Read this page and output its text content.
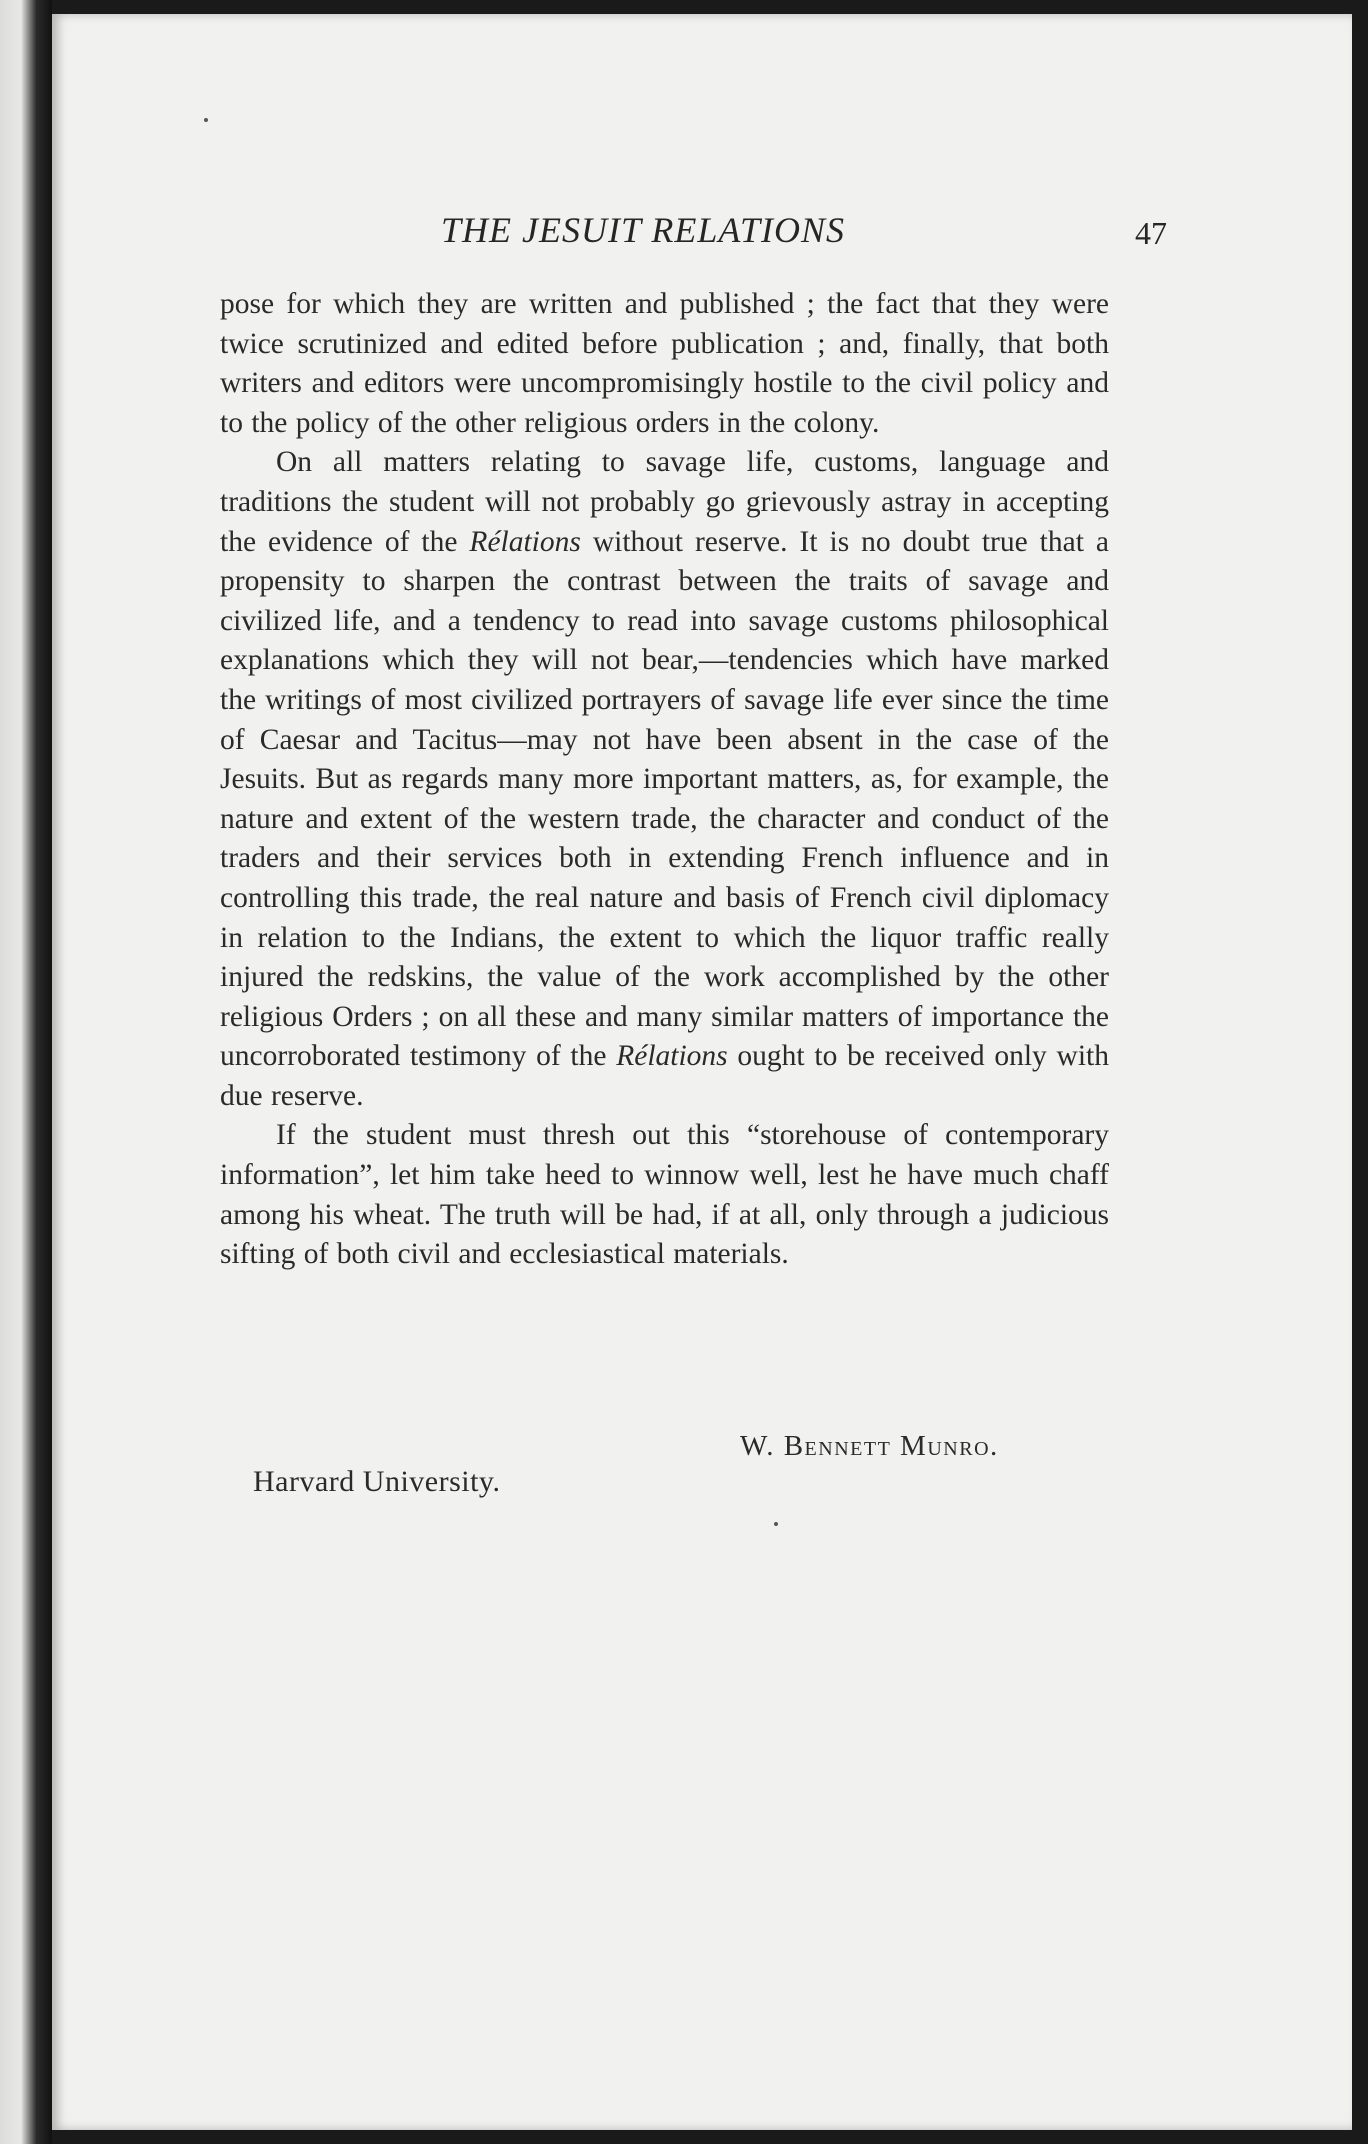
THE JESUIT RELATIONS	47

pose for which they are written and published ; the fact that they were twice scrutinized and edited before publication ; and, finally, that both writers and editors were uncompromisingly hostile to the civil policy and to the policy of the other religious orders in the colony.

On all matters relating to savage life, customs, language and traditions the student will not probably go grievously astray in accepting the evidence of the Rélations without reserve. It is no doubt true that a propensity to sharpen the contrast between the traits of savage and civilized life, and a tendency to read into savage customs philosophical explanations which they will not bear,—tendencies which have marked the writings of most civilized portrayers of savage life ever since the time of Caesar and Tacitus—may not have been absent in the case of the Jesuits. But as regards many more important matters, as, for example, the nature and extent of the western trade, the character and conduct of the traders and their services both in extending French influence and in controlling this trade, the real nature and basis of French civil diplomacy in relation to the Indians, the extent to which the liquor traffic really injured the redskins, the value of the work accomplished by the other religious Orders ; on all these and many similar matters of importance the uncorroborated testimony of the Rélations ought to be received only with due reserve.

If the student must thresh out this “storehouse of contemporary information”, let him take heed to winnow well, lest he have much chaff among his wheat. The truth will be had, if at all, only through a judicious sifting of both civil and ecclesiastical materials.

W. Bennett Munro.
Harvard University.
